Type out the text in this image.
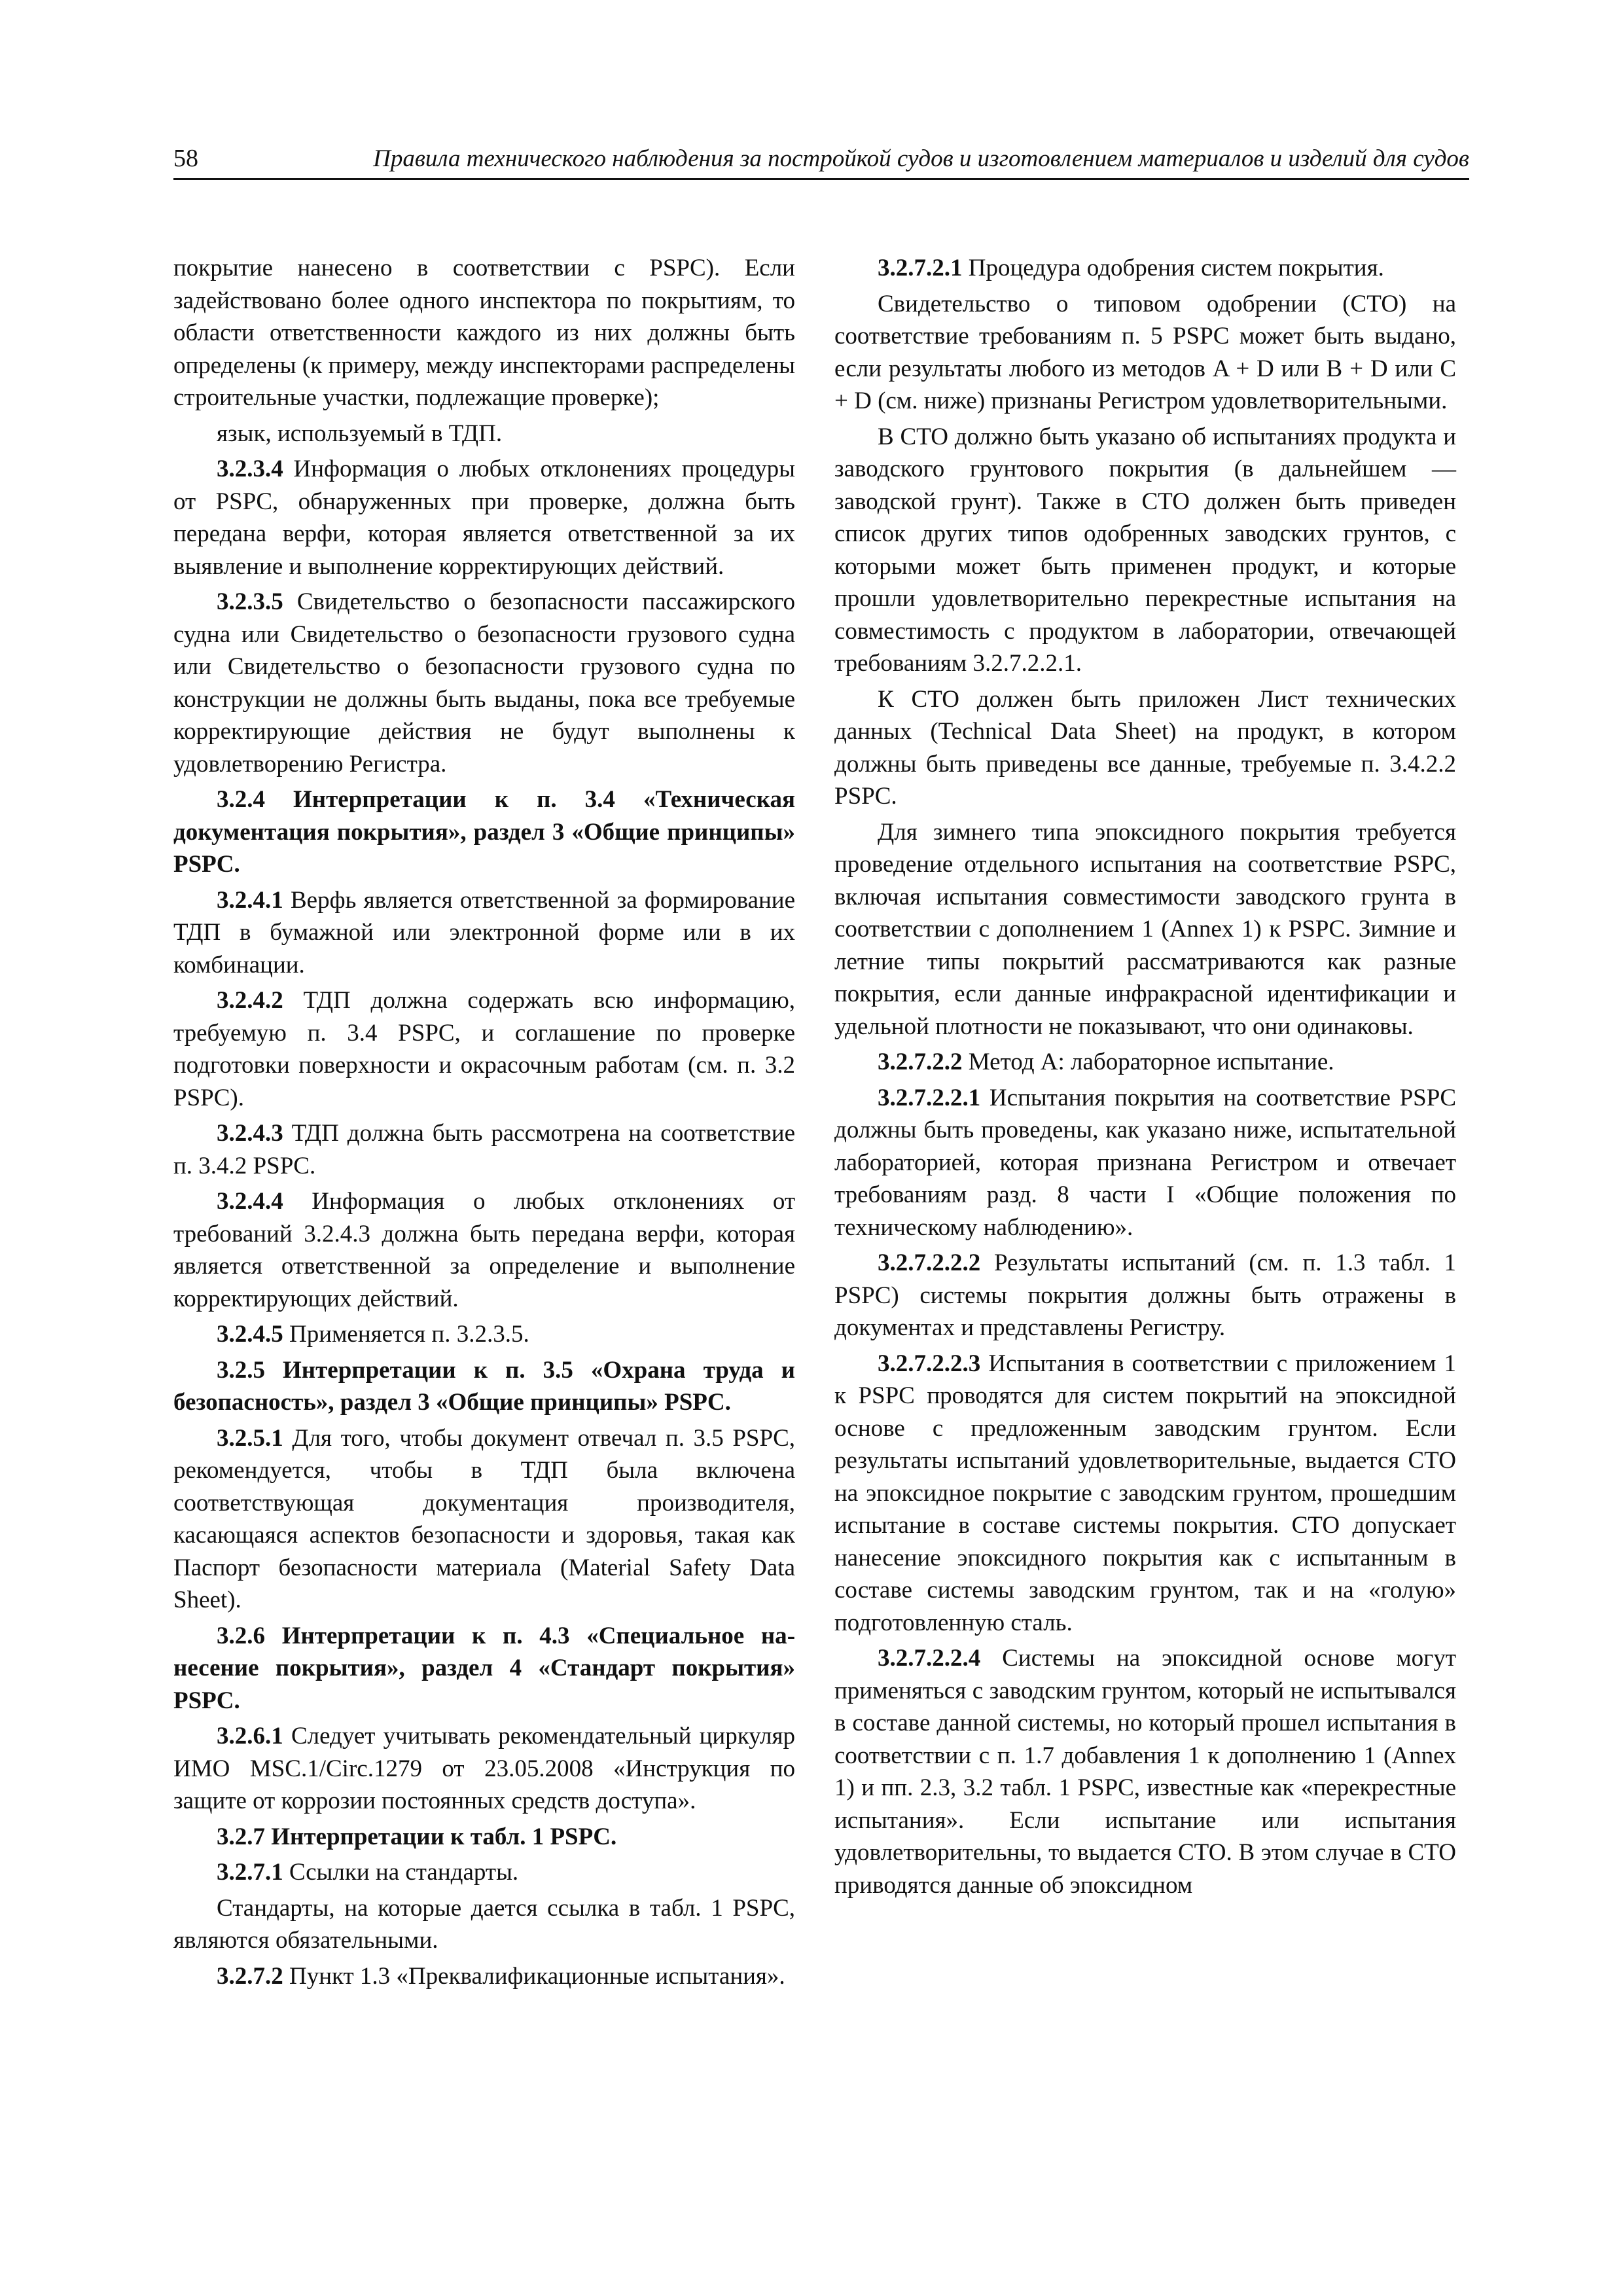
58	Правила технического наблюдения за постройкой судов и изготовлением материалов и изделий для судов

покрытие нанесено в соответствии с PSPC). Если задействовано более одного инспектора по покрытиям, то области ответственности каждого из них должны быть определены (к примеру, между инспекторами распределены строительные участки, подлежащие проверке);

язык, используемый в ТДП.

3.2.3.4 Информация о любых отклонениях процедуры от PSPC, обнаруженных при проверке, должна быть передана верфи, которая является ответственной за их выявление и выполнение корректирующих действий.

3.2.3.5 Свидетельство о безопасности пассажирского судна или Свидетельство о безопасности грузового судна или Свидетельство о безопасности грузового судна по конструкции не должны быть выданы, пока все требуемые корректирующие действия не будут выполнены к удовлетворению Регистра.

3.2.4 Интерпретации к п. 3.4 «Техническая документация покрытия», раздел 3 «Общие принципы» PSPC.

3.2.4.1 Верфь является ответственной за формирование ТДП в бумажной или электронной форме или в их комбинации.

3.2.4.2 ТДП должна содержать всю информацию, требуемую п. 3.4 PSPC, и соглашение по проверке подготовки поверхности и окрасочным работам (см. п. 3.2 PSPC).

3.2.4.3 ТДП должна быть рассмотрена на соответствие п. 3.4.2 PSPC.

3.2.4.4 Информация о любых отклонениях от требований 3.2.4.3 должна быть передана верфи, которая является ответственной за определение и выполнение корректирующих действий.

3.2.4.5 Применяется п. 3.2.3.5.

3.2.5 Интерпретации к п. 3.5 «Охрана труда и безопасность», раздел 3 «Общие принципы» PSPC.

3.2.5.1 Для того, чтобы документ отвечал п. 3.5 PSPC, рекомендуется, чтобы в ТДП была включена соответствующая документация производителя, касающаяся аспектов безопасности и здоровья, такая как Паспорт безопасности материала (Material Safety Data Sheet).

3.2.6 Интерпретации к п. 4.3 «Специальное нанесение покрытия», раздел 4 «Стандарт покрытия» PSPC.

3.2.6.1 Следует учитывать рекомендательный циркуляр ИМО MSC.1/Circ.1279 от 23.05.2008 «Инструкция по защите от коррозии постоянных средств доступа».

3.2.7 Интерпретации к табл. 1 PSPC.

3.2.7.1 Ссылки на стандарты.

Стандарты, на которые дается ссылка в табл. 1 PSPC, являются обязательными.

3.2.7.2 Пункт 1.3 «Преквалификационные испытания».

3.2.7.2.1 Процедура одобрения систем покрытия.

Свидетельство о типовом одобрении (СТО) на соответствие требованиям п. 5 PSPC может быть выдано, если результаты любого из методов A + D или B + D или C + D (см. ниже) признаны Регистром удовлетворительными.

В СТО должно быть указано об испытаниях продукта и заводского грунтового покрытия (в дальнейшем — заводской грунт). Также в СТО должен быть приведен список других типов одобренных заводских грунтов, с которыми может быть применен продукт, и которые прошли удовлетворительно перекрестные испытания на совместимость с продуктом в лаборатории, отвечающей требованиям 3.2.7.2.2.1.

К СТО должен быть приложен Лист технических данных (Technical Data Sheet) на продукт, в котором должны быть приведены все данные, требуемые п. 3.4.2.2 PSPC.

Для зимнего типа эпоксидного покрытия требуется проведение отдельного испытания на соответствие PSPC, включая испытания совместимости заводского грунта в соответствии с дополнением 1 (Annex 1) к PSPC. Зимние и летние типы покрытий рассматриваются как разные покрытия, если данные инфракрасной идентификации и удельной плотности не показывают, что они одинаковы.

3.2.7.2.2 Метод A: лабораторное испытание.

3.2.7.2.2.1 Испытания покрытия на соответствие PSPC должны быть проведены, как указано ниже, испытательной лабораторией, которая признана Регистром и отвечает требованиям разд. 8 части I «Общие положения по техническому наблюдению».

3.2.7.2.2.2 Результаты испытаний (см. п. 1.3 табл. 1 PSPC) системы покрытия должны быть отражены в документах и представлены Регистру.

3.2.7.2.2.3 Испытания в соответствии с приложением 1 к PSPC проводятся для систем покрытий на эпоксидной основе с предложенным заводским грунтом. Если результаты испытаний удовлетворительные, выдается СТО на эпоксидное покрытие с заводским грунтом, прошедшим испытание в составе системы покрытия. СТО допускает нанесение эпоксидного покрытия как с испытанным в составе системы заводским грунтом, так и на «голую» подготовленную сталь.

3.2.7.2.2.4 Системы на эпоксидной основе могут применяться с заводским грунтом, который не испытывался в составе данной системы, но который прошел испытания в соответствии с п. 1.7 добавления 1 к дополнению 1 (Annex 1) и пп. 2.3, 3.2 табл. 1 PSPC, известные как «перекрестные испытания». Если испытание или испытания удовлетворительны, то выдается СТО. В этом случае в СТО приводятся данные об эпоксидном
